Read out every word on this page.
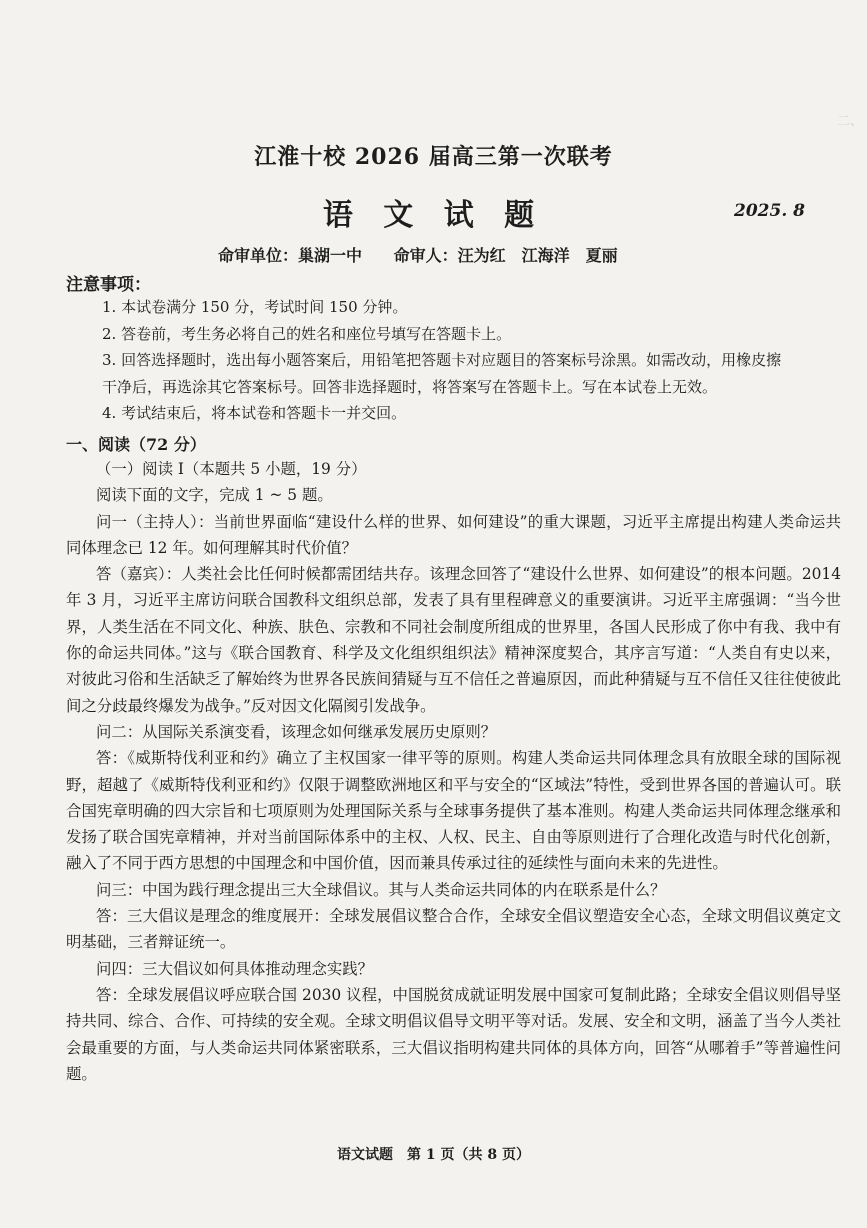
二、
江淮十校 2026 届高三第一次联考
语 文 试 题	2025. 8
命审单位：巢湖一中 命审人：汪为红　江海洋　夏丽
注意事项：
1. 本试卷满分 150 分，考试时间 150 分钟。
2. 答卷前，考生务必将自己的姓名和座位号填写在答题卡上。
3. 回答选择题时，选出每小题答案后，用铅笔把答题卡对应题目的答案标号涂黑。如需改动，用橡皮擦
干净后，再选涂其它答案标号。回答非选择题时，将答案写在答题卡上。写在本试卷上无效。
4. 考试结束后，将本试卷和答题卡一并交回。
一、阅读（72 分）

（一）阅读 Ⅰ（本题共 5 小题，19 分）

阅读下面的文字，完成 1 ~ 5 题。

问一（主持人）：当前世界面临“建设什么样的世界、如何建设”的重大课题，习近平主席提出构建人类命运共同体理念已 12 年。如何理解其时代价值？

答（嘉宾）：人类社会比任何时候都需团结共存。该理念回答了“建设什么世界、如何建设”的根本问题。2014 年 3 月，习近平主席访问联合国教科文组织总部，发表了具有里程碑意义的重要演讲。习近平主席强调：“当今世界，人类生活在不同文化、种族、肤色、宗教和不同社会制度所组成的世界里，各国人民形成了你中有我、我中有你的命运共同体。”这与《联合国教育、科学及文化组织组织法》精神深度契合，其序言写道：“人类自有史以来，对彼此习俗和生活缺乏了解始终为世界各民族间猜疑与互不信任之普遍原因，而此种猜疑与互不信任又往往使彼此间之分歧最终爆发为战争。”反对因文化隔阂引发战争。

问二：从国际关系演变看，该理念如何继承发展历史原则？

答：《威斯特伐利亚和约》确立了主权国家一律平等的原则。构建人类命运共同体理念具有放眼全球的国际视野，超越了《威斯特伐利亚和约》仅限于调整欧洲地区和平与安全的“区域法”特性，受到世界各国的普遍认可。联合国宪章明确的四大宗旨和七项原则为处理国际关系与全球事务提供了基本准则。构建人类命运共同体理念继承和发扬了联合国宪章精神，并对当前国际体系中的主权、人权、民主、自由等原则进行了合理化改造与时代化创新，融入了不同于西方思想的中国理念和中国价值，因而兼具传承过往的延续性与面向未来的先进性。

问三：中国为践行理念提出三大全球倡议。其与人类命运共同体的内在联系是什么？

答：三大倡议是理念的维度展开：全球发展倡议整合合作，全球安全倡议塑造安全心态，全球文明倡议奠定文明基础，三者辩证统一。

问四：三大倡议如何具体推动理念实践？

答：全球发展倡议呼应联合国 2030 议程，中国脱贫成就证明发展中国家可复制此路；全球安全倡议则倡导坚持共同、综合、合作、可持续的安全观。全球文明倡议倡导文明平等对话。发展、安全和文明，涵盖了当今人类社会最重要的方面，与人类命运共同体紧密联系，三大倡议指明构建共同体的具体方向，回答“从哪着手”等普遍性问题。

语文试题　第 1 页（共 8 页）
